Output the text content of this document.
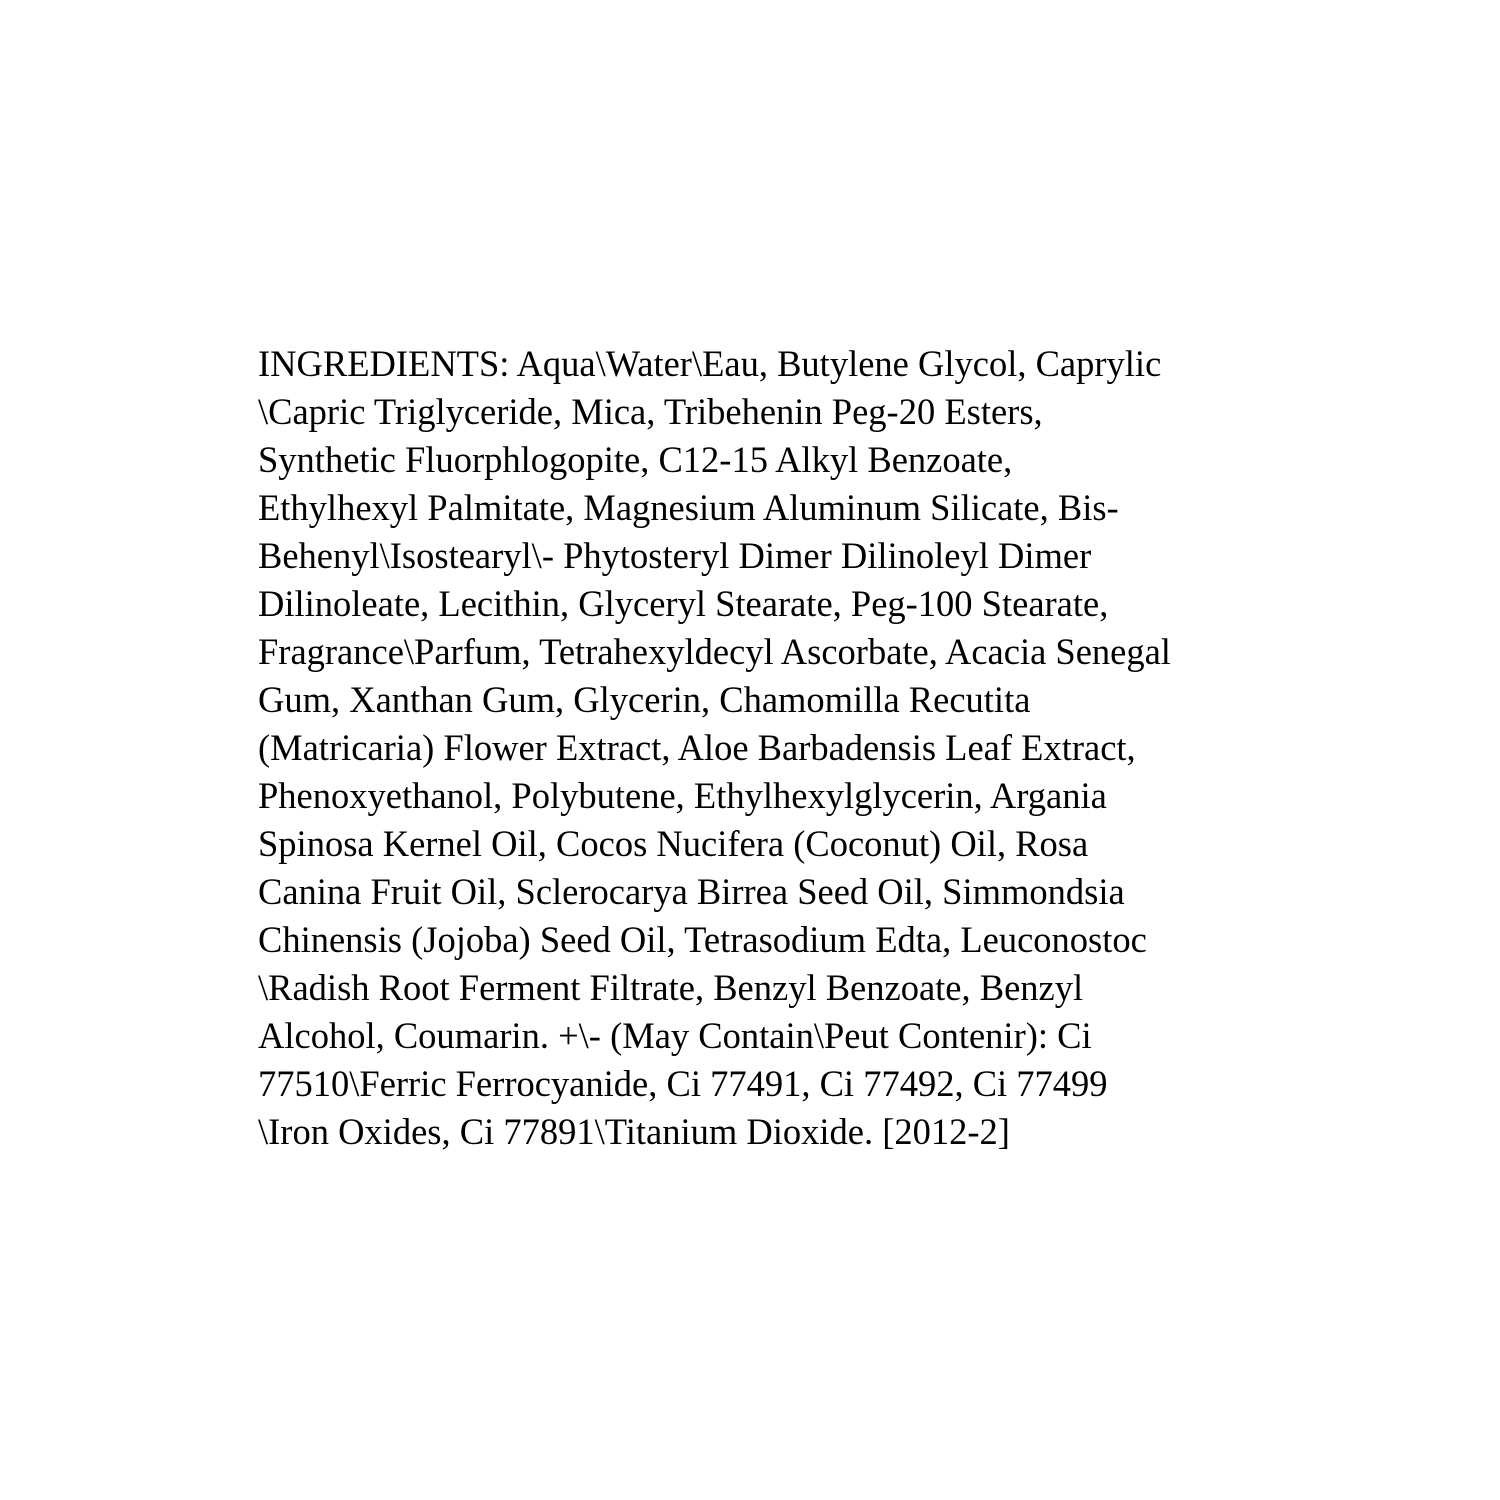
INGREDIENTS: Aqua\Water\Eau, Butylene Glycol, Caprylic
\Capric Triglyceride, Mica, Tribehenin Peg-20 Esters,
Synthetic Fluorphlogopite, C12-15 Alkyl Benzoate,
Ethylhexyl Palmitate, Magnesium Aluminum Silicate, Bis-
Behenyl\Isostearyl\- Phytosteryl Dimer Dilinoleyl Dimer
Dilinoleate, Lecithin, Glyceryl Stearate, Peg-100 Stearate,
Fragrance\Parfum, Tetrahexyldecyl Ascorbate, Acacia Senegal
Gum, Xanthan Gum, Glycerin, Chamomilla Recutita
(Matricaria) Flower Extract, Aloe Barbadensis Leaf Extract,
Phenoxyethanol, Polybutene, Ethylhexylglycerin, Argania
Spinosa Kernel Oil, Cocos Nucifera (Coconut) Oil, Rosa
Canina Fruit Oil, Sclerocarya Birrea Seed Oil, Simmondsia
Chinensis (Jojoba) Seed Oil, Tetrasodium Edta, Leuconostoc
\Radish Root Ferment Filtrate, Benzyl Benzoate, Benzyl
Alcohol, Coumarin. +\- (May Contain\Peut Contenir): Ci
77510\Ferric Ferrocyanide, Ci 77491, Ci 77492, Ci 77499
\Iron Oxides, Ci 77891\Titanium Dioxide. [2012-2]
